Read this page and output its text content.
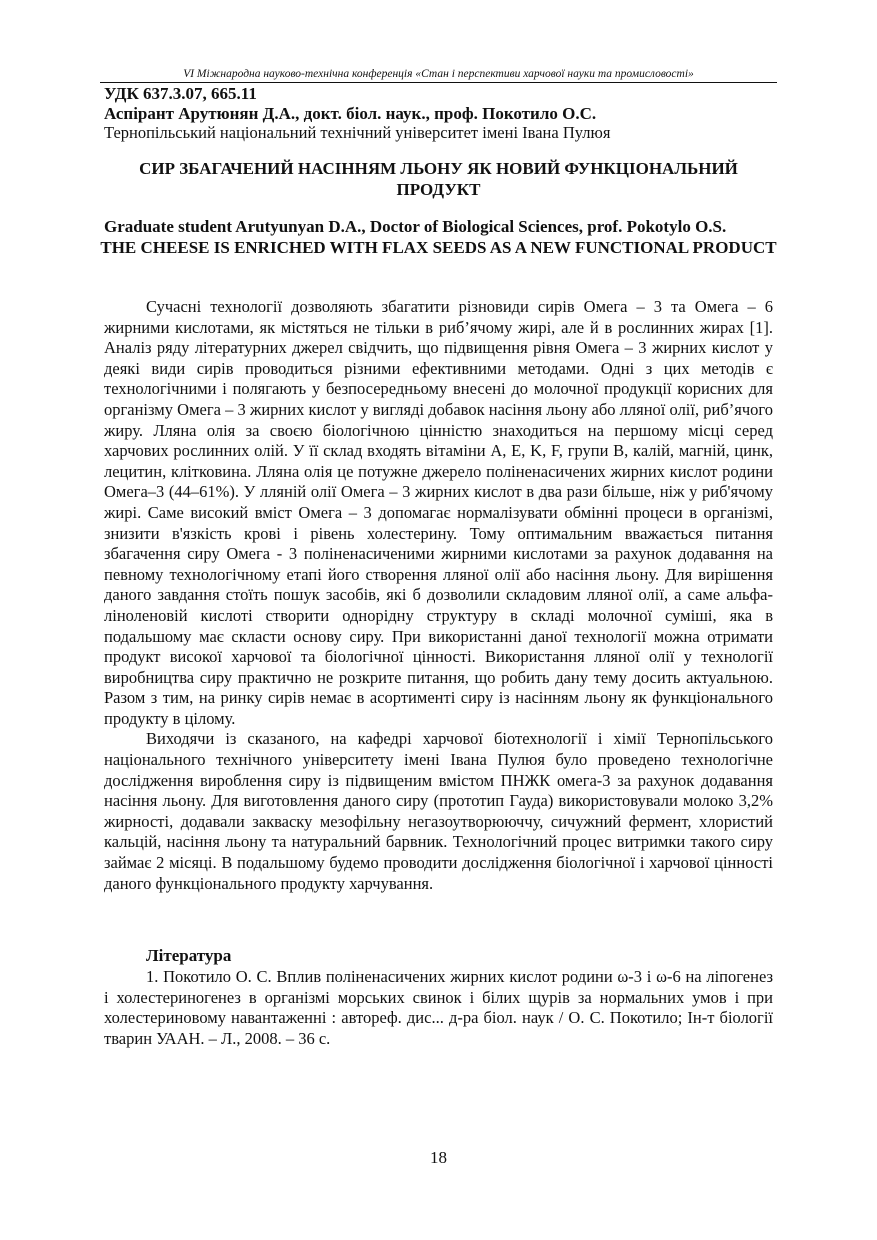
VI Міжнародна науково-технічна конференція «Стан і перспективи харчової науки та промисловості»
УДК 637.3.07, 665.11
Аспірант Арутюнян Д.А., докт. біол. наук., проф. Покотило О.С.
Тернопільський національний технічний університет імені Івана Пулюя
СИР ЗБАГАЧЕНИЙ НАСІННЯМ ЛЬОНУ ЯК НОВИЙ ФУНКЦІОНАЛЬНИЙ ПРОДУКТ
Graduate student Arutyunyan D.A., Doctor of Biological Sciences, prof. Pokotylo O.S.
THE CHEESE IS ENRICHED WITH FLAX SEEDS AS A NEW FUNCTIONAL PRODUCT

Сучасні технології дозволяють збагатити різновиди сирів Омега – 3 та Омега – 6 жирними кислотами, як містяться не тільки в риб’ячому жирі, але й в рослинних жирах [1]. Аналіз ряду літературних джерел свідчить, що підвищення рівня Омега – 3 жирних кислот у деякі види сирів проводиться різними ефективними методами. Одні з цих методів є технологічними і полягають у безпосередньому внесені до молочної продукції корисних для організму Омега – 3 жирних кислот у вигляді добавок насіння льону або лляної олії, риб’ячого жиру. Лляна олія за своєю біологічною цінністю знаходиться на першому місці серед харчових рослинних олій. У її склад входять вітаміни A, E, K, F, групи B, калій, магній, цинк, лецитин, клітковина. Лляна олія це потужне джерело поліненасичених жирних кислот родини Омега–3 (44–61%). У лляній олії Омега – 3 жирних кислот в два рази більше, ніж у риб'ячому жирі. Саме високий вміст Омега – 3 допомагає нормалізувати обмінні процеси в організмі, знизити в'язкість крові і рівень холестерину. Тому оптимальним вважається питання збагачення сиру Омега - 3 поліненасиченими жирними кислотами за рахунок додавання на певному технологічному етапі його створення лляної олії або насіння льону. Для вирішення даного завдання стоїть пошук засобів, які б дозволили складовим лляної олії, а саме альфа-ліноленовій кислоті створити однорідну структуру в складі молочної суміші, яка в подальшому має скласти основу сиру. При використанні даної технології можна отримати продукт високої харчової та біологічної цінності. Використання лляної олії у технології виробництва сиру практично не розкрите питання, що робить дану тему досить актуальною. Разом з тим, на ринку сирів немає в асортименті сиру із насінням льону як функціонального продукту в цілому.

Виходячи із сказаного, на кафедрі харчової біотехнології і хімії Тернопільського національного технічного університету імені Івана Пулюя було проведено технологічне дослідження вироблення сиру із підвищеним вмістом ПНЖК омега-3 за рахунок додавання насіння льону. Для виготовлення даного сиру (прототип Гауда) використовували молоко 3,2% жирності, додавали закваску мезофільну негазоутворююччу, сичужний фермент, хлористий кальцій, насіння льону та натуральний барвник. Технологічний процес витримки такого сиру займає 2 місяці. В подальшому будемо проводити дослідження біологічної і харчової цінності даного функціонального продукту харчування.

Література
1. Покотило О. С. Вплив поліненасичених жирних кислот родини ω-3 і ω-6 на ліпогенез і холестериногенез в організмі морських свинок і білих щурів за нормальних умов і при холестериновому навантаженні : автореф. дис... д-ра біол. наук / О. С. Покотило; Ін-т біології тварин УААН. – Л., 2008. – 36 с.
18
